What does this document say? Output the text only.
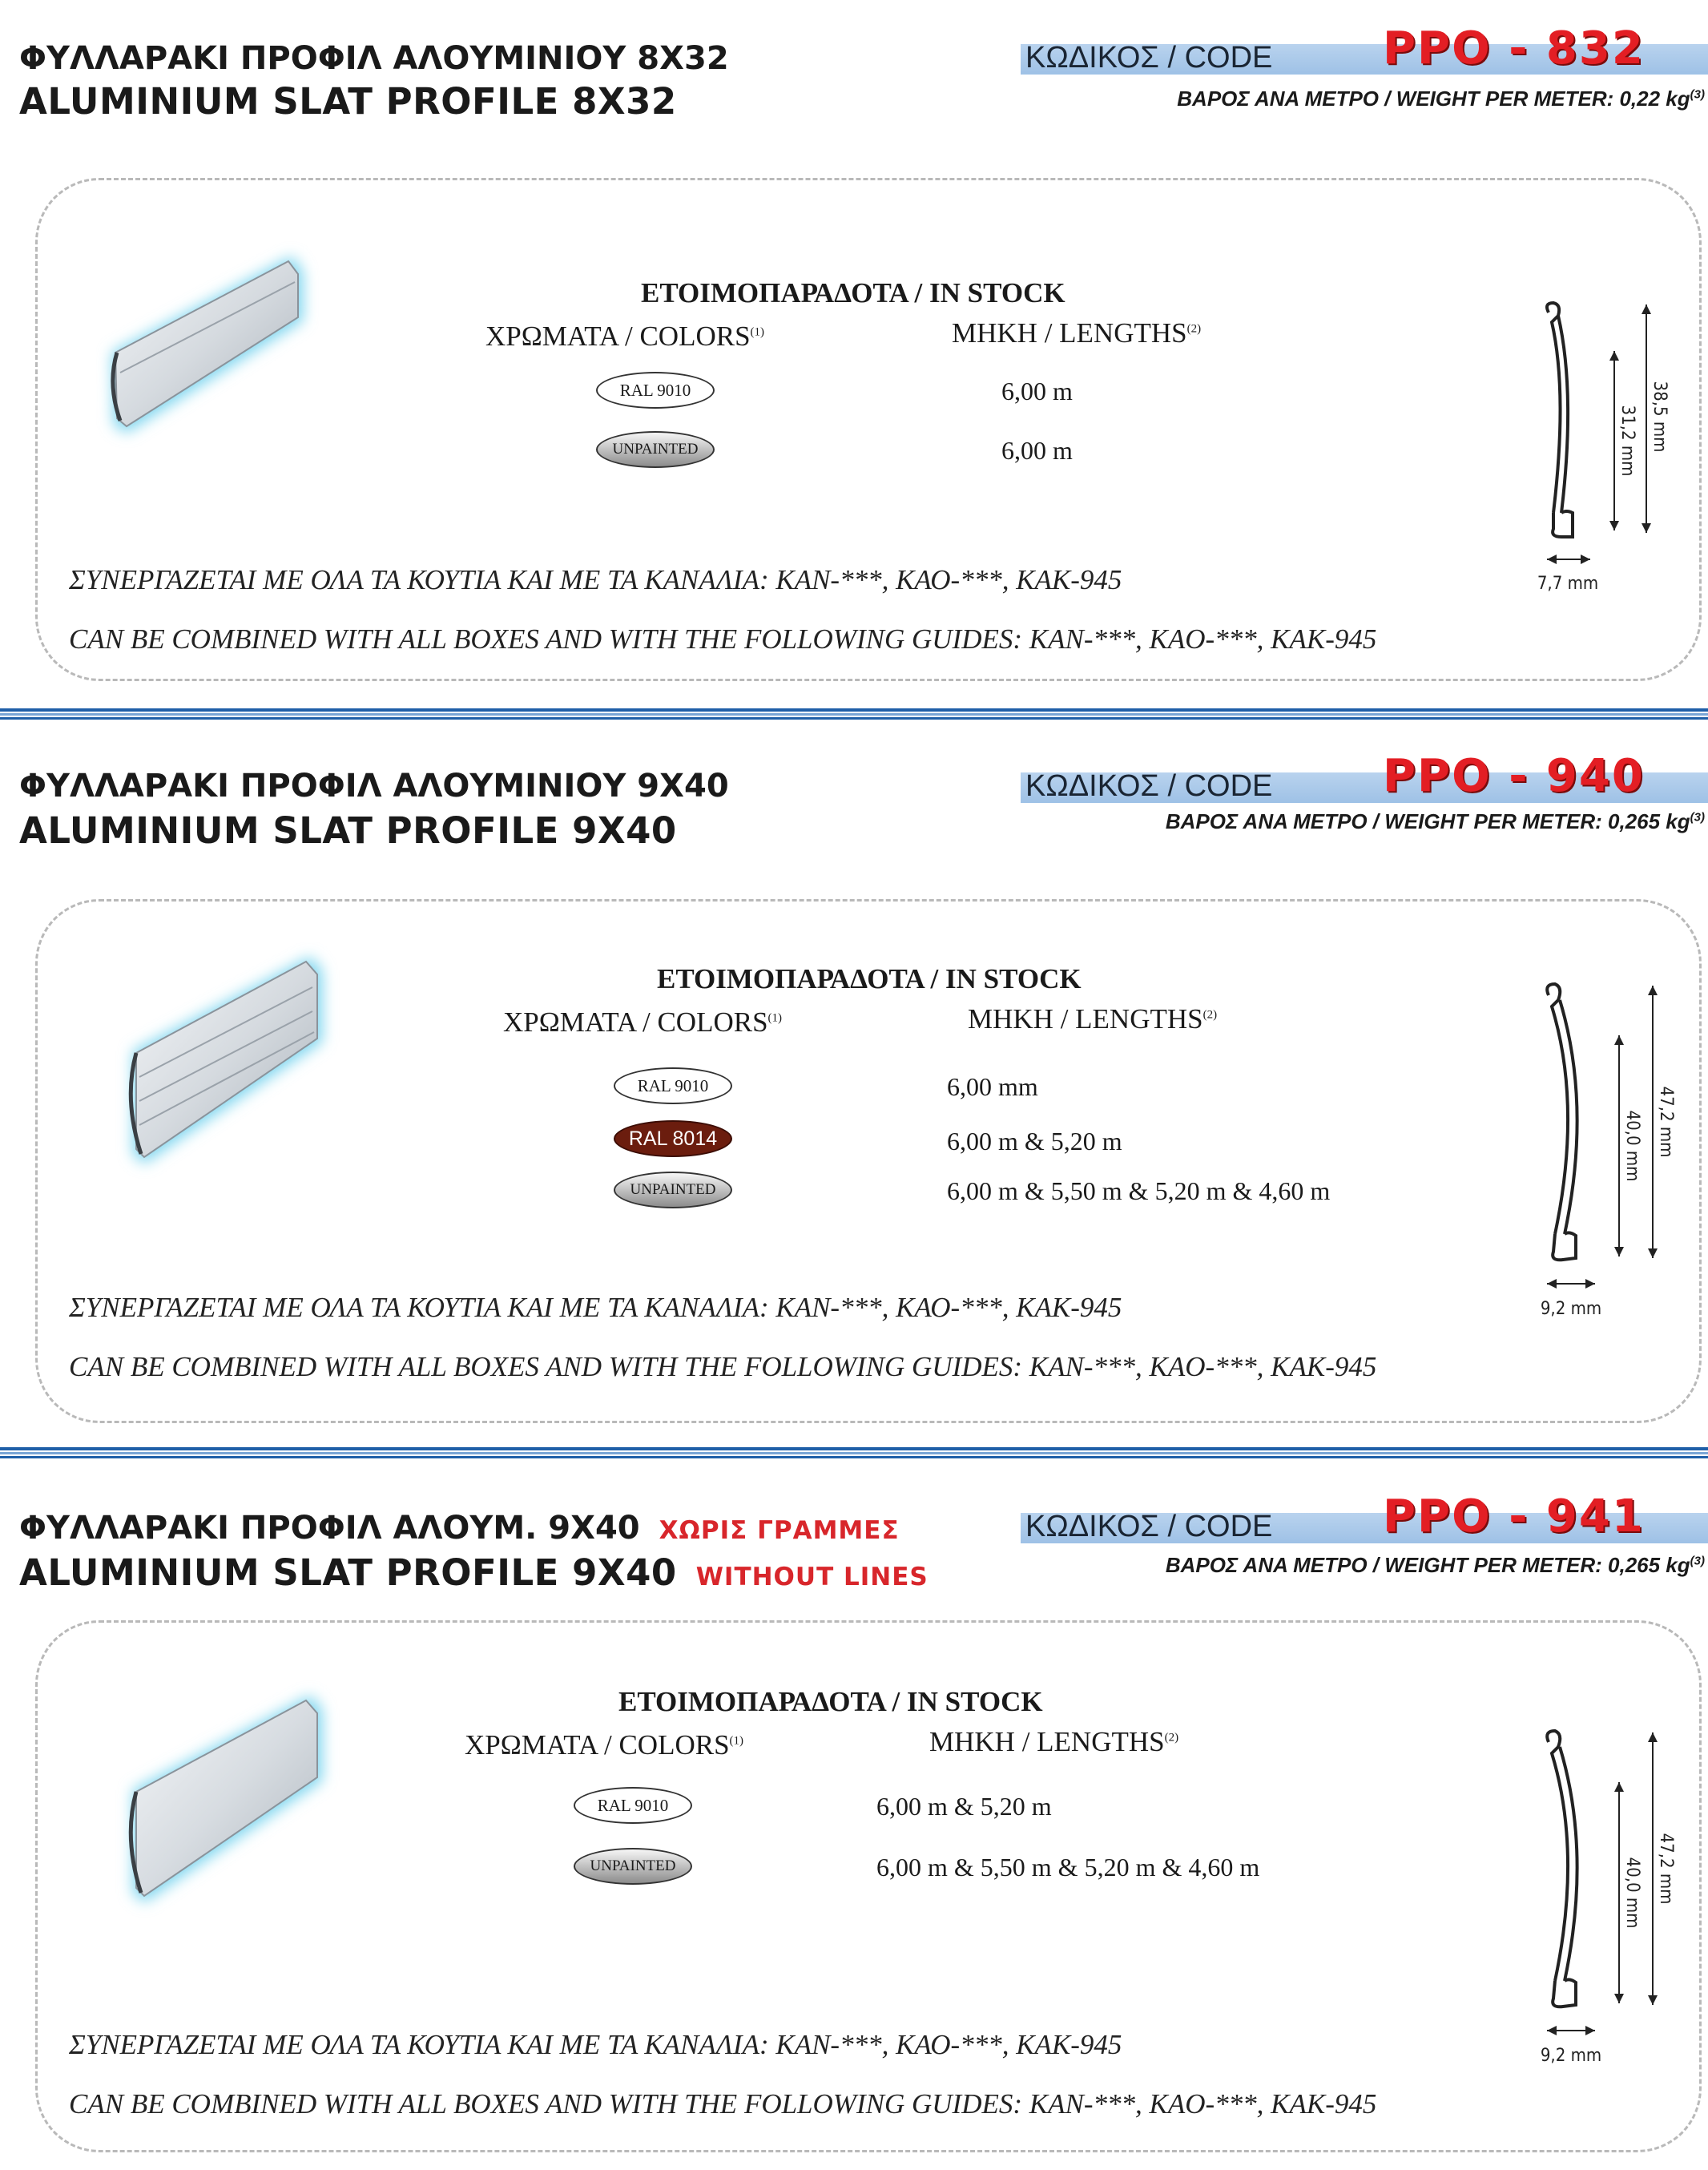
ΦΥΛΛΑΡΑΚΙ ΠΡΟΦΙΛ ΑΛΟΥΜΙΝΙΟΥ 8X32
ALUMINIUM SLAT PROFILE 8X32
ΚΩΔΙΚΟΣ / CODE PPO - 832
ΒΑΡΟΣ ΑΝΑ ΜΕΤΡΟ / WEIGHT PER METER: 0,22 $kg^{(3)}$
ΕΤΟΙΜΟΠΑΡΑΔΟΤΑ / IN STOCK
ΧΡΩΜΑΤΑ / COLORS$^{(1)}$	ΜΗΚΗ / LENGTHS$^{(2)}$
RAL 9010	6,00 m
UNPAINTED	6,00 m	31,2 mm 38,5 mm
7,7 mm
ΣΥΝΕΡΓΑΖΕΤΑΙ ΜΕ ΟΛΑ ΤΑ ΚΟΥΤΙΑ ΚΑΙ ΜΕ ΤΑ ΚΑΝΑΛΙΑ: ΚΑΝ-***, ΚΑΟ-***, ΚΑΚ-945
CAN BE COMBINED WITH ALL BOXES AND WITH THE FOLLOWING GUIDES: KAN-***, KAO-***, KAK-945
ΦΥΛΛΑΡΑΚΙ ΠΡΟΦΙΛ ΑΛΟΥΜΙΝΙΟΥ 9X40
ALUMINIUM SLAT PROFILE 9X40
ΚΩΔΙΚΟΣ / CODE PPO - 940
ΒΑΡΟΣ ΑΝΑ ΜΕΤΡΟ / WEIGHT PER METER: 0,265 $kg^{(3)}$
ΕΤΟΙΜΟΠΑΡΑΔΟΤΑ / IN STOCK
ΧΡΩΜΑΤΑ / COLORS$^{(1)}$	ΜΗΚΗ / LENGTHS$^{(2)}$
RAL 9010	6,00 mm
RAL 8014	6,00 m & 5,20 m
UNPAINTED	6,00 m & 5,50 m & 5,20 m & 4,60 m
40,0 mm 47,2 mm
9,2 mm
ΣΥΝΕΡΓΑΖΕΤΑΙ ΜΕ ΟΛΑ ΤΑ ΚΟΥΤΙΑ ΚΑΙ ΜΕ ΤΑ ΚΑΝΑΛΙΑ: ΚΑΝ-***, ΚΑΟ-***, ΚΑΚ-945
CAN BE COMBINED WITH ALL BOXES AND WITH THE FOLLOWING GUIDES: KAN-***, KAO-***, KAK-945
ΦΥΛΛΑΡΑΚΙ ΠΡΟΦΙΛ ΑΛΟΥΜ. 9X40 ΧΩΡΙΣ ΓΡΑΜΜΕΣ
ALUMINIUM SLAT PROFILE 9X40 WITHOUT LINES
ΚΩΔΙΚΟΣ / CODE PPO - 941
ΒΑΡΟΣ ΑΝΑ ΜΕΤΡΟ / WEIGHT PER METER: 0,265 $kg^{(3)}$
ΕΤΟΙΜΟΠΑΡΑΔΟΤΑ / IN STOCK
ΧΡΩΜΑΤΑ / COLORS$^{(1)}$	ΜΗΚΗ / LENGTHS$^{(2)}$
RAL 9010	6,00 m & 5,20 m
UNPAINTED	6,00 m & 5,50 m & 5,20 m & 4,60 m	40,0 mm 47,2 mm
9,2 mm
ΣΥΝΕΡΓΑΖΕΤΑΙ ΜΕ ΟΛΑ ΤΑ ΚΟΥΤΙΑ ΚΑΙ ΜΕ ΤΑ ΚΑΝΑΛΙΑ: ΚΑΝ-***, ΚΑΟ-***, ΚΑΚ-945
CAN BE COMBINED WITH ALL BOXES AND WITH THE FOLLOWING GUIDES: KAN-***, KAO-***, KAK-945
